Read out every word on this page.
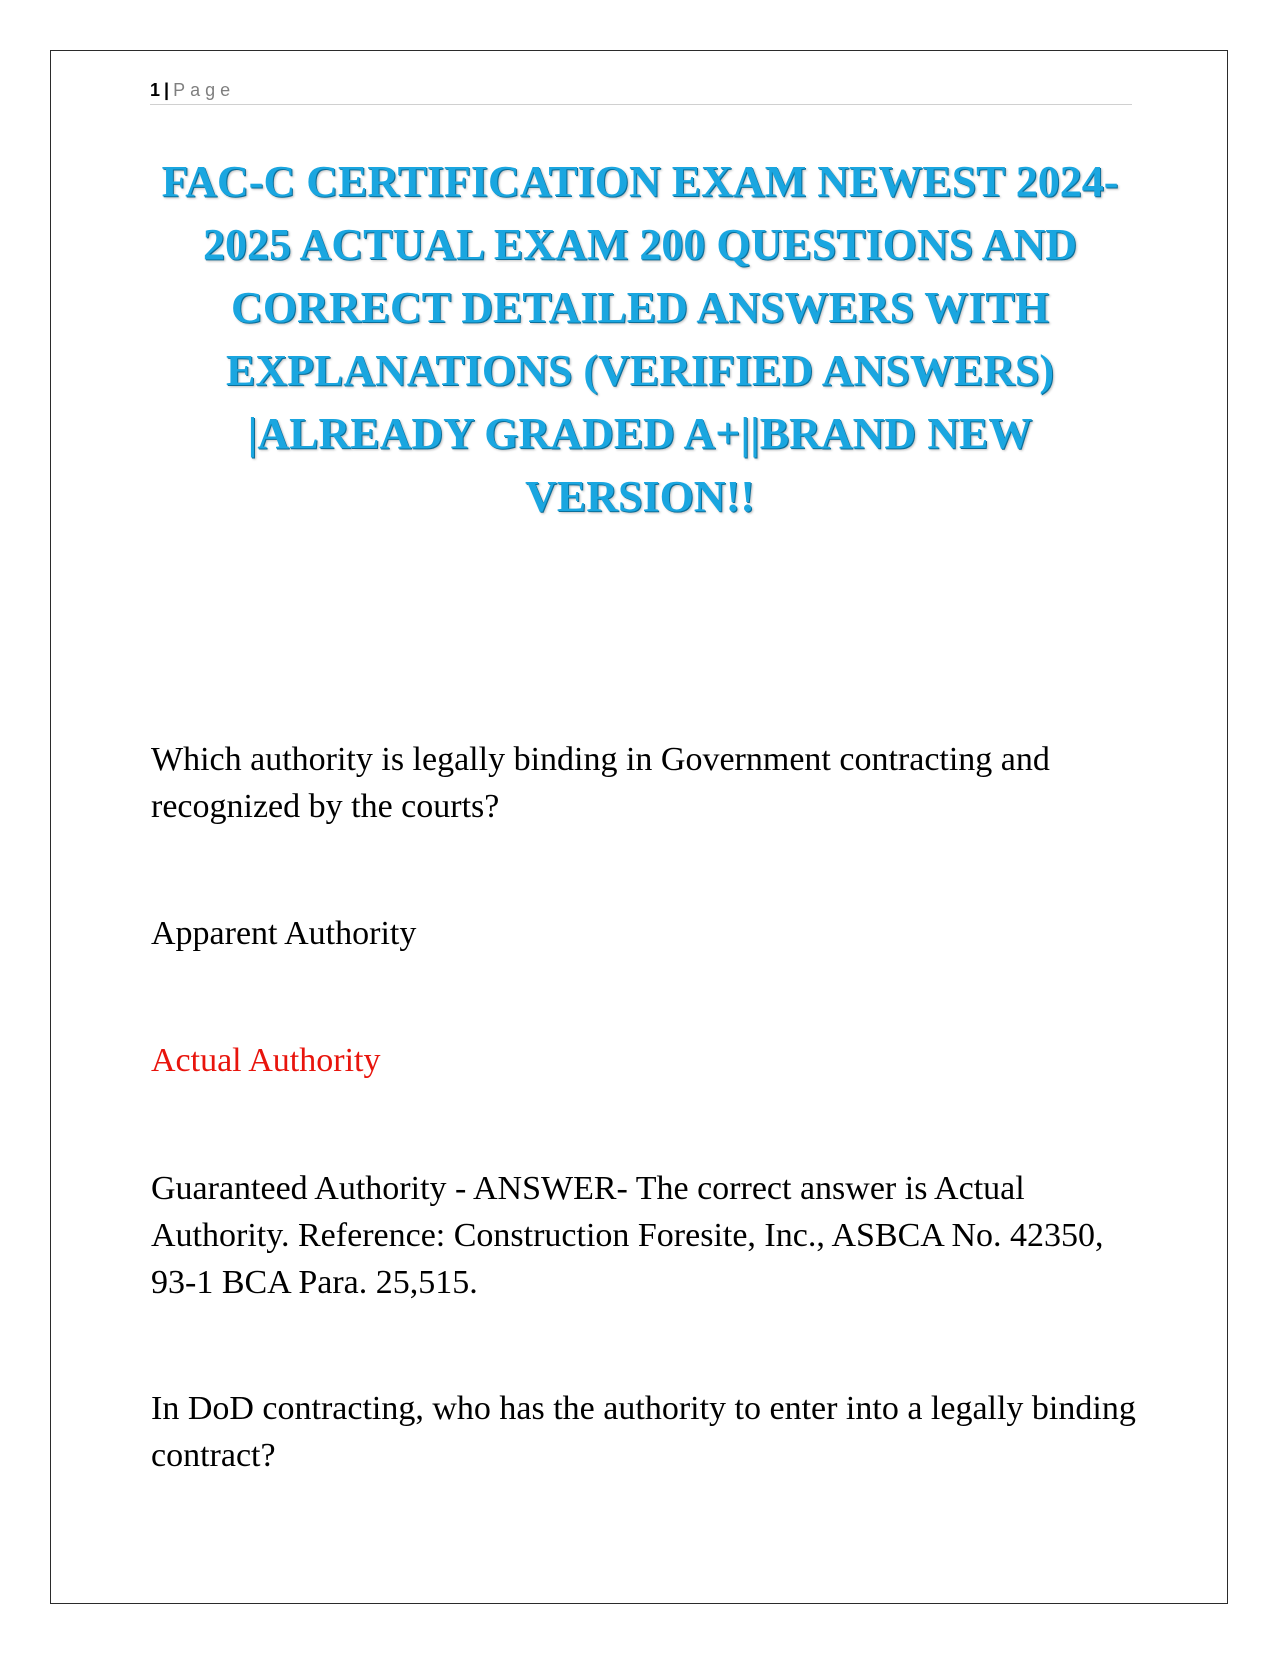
1 | Page
FAC-C CERTIFICATION EXAM NEWEST 2024-2025 ACTUAL EXAM 200 QUESTIONS AND CORRECT DETAILED ANSWERS WITH EXPLANATIONS (VERIFIED ANSWERS) |ALREADY GRADED A+||BRAND NEW VERSION!!

Which authority is legally binding in Government contracting and recognized by the courts?

Apparent Authority

Actual Authority

Guaranteed Authority - ANSWER- The correct answer is Actual Authority. Reference: Construction Foresite, Inc., ASBCA No. 42350, 93-1 BCA Para. 25,515.

In DoD contracting, who has the authority to enter into a legally binding contract?
